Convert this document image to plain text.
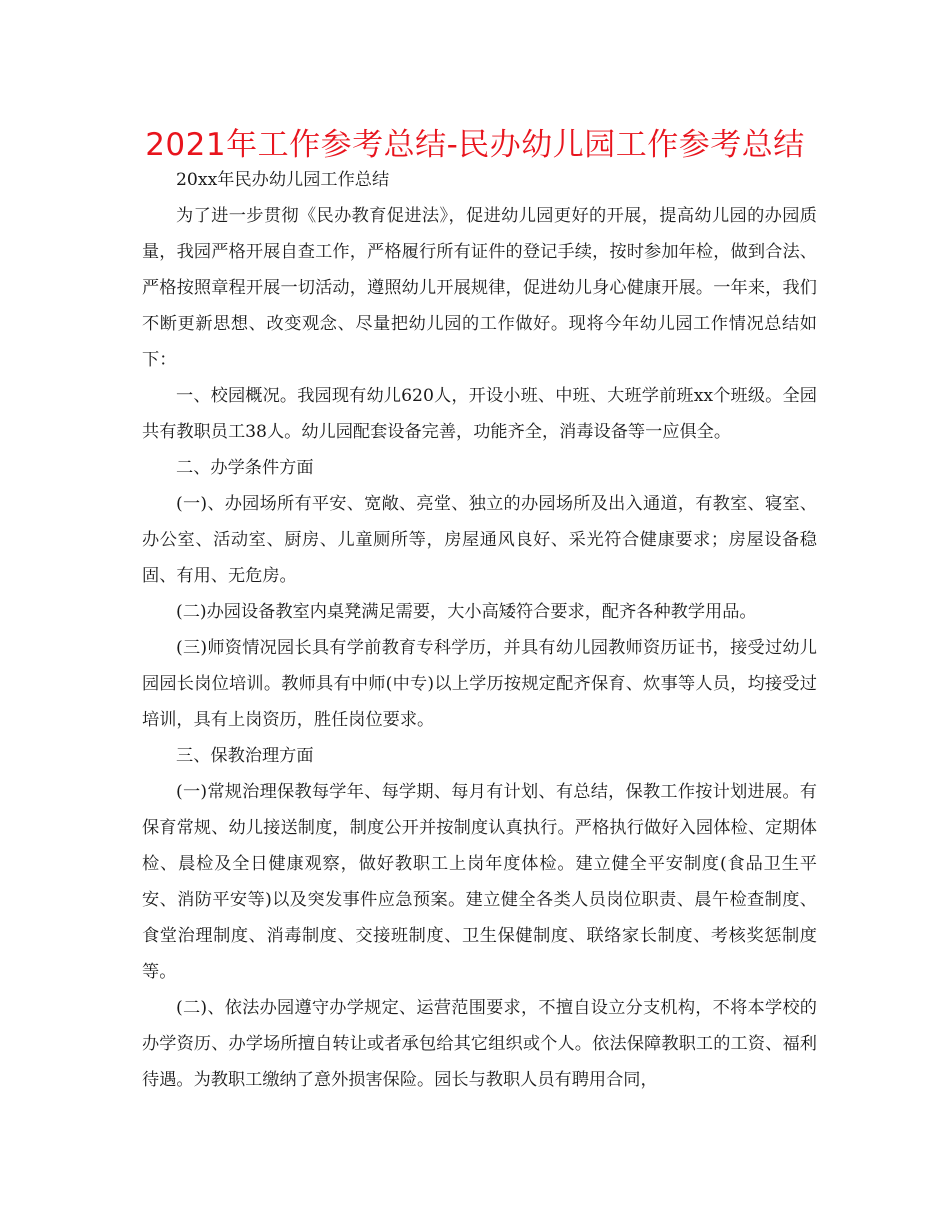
2021年工作参考总结-民办幼儿园工作参考总结

20xx年民办幼儿园工作总结

为了进一步贯彻《民办教育促进法》，促进幼儿园更好的开展，提高幼儿园的办园质量，我园严格开展自查工作，严格履行所有证件的登记手续，按时参加年检，做到合法、严格按照章程开展一切活动，遵照幼儿开展规律，促进幼儿身心健康开展。一年来，我们不断更新思想、改变观念、尽量把幼儿园的工作做好。现将今年幼儿园工作情况总结如下：

一、校园概况。我园现有幼儿620人，开设小班、中班、大班学前班xx个班级。全园共有教职员工38人。幼儿园配套设备完善，功能齐全，消毒设备等一应俱全。

二、办学条件方面

(一)、办园场所有平安、宽敞、亮堂、独立的办园场所及出入通道，有教室、寝室、办公室、活动室、厨房、儿童厕所等，房屋通风良好、采光符合健康要求；房屋设备稳固、有用、无危房。

(二)办园设备教室内桌凳满足需要，大小高矮符合要求，配齐各种教学用品。

(三)师资情况园长具有学前教育专科学历，并具有幼儿园教师资历证书，接受过幼儿园园长岗位培训。教师具有中师(中专)以上学历按规定配齐保育、炊事等人员，均接受过培训，具有上岗资历，胜任岗位要求。

三、保教治理方面

(一)常规治理保教每学年、每学期、每月有计划、有总结，保教工作按计划进展。有保育常规、幼儿接送制度，制度公开并按制度认真执行。严格执行做好入园体检、定期体检、晨检及全日健康观察，做好教职工上岗年度体检。建立健全平安制度(食品卫生平安、消防平安等)以及突发事件应急预案。建立健全各类人员岗位职责、晨午检查制度、食堂治理制度、消毒制度、交接班制度、卫生保健制度、联络家长制度、考核奖惩制度等。

(二)、依法办园遵守办学规定、运营范围要求，不擅自设立分支机构，不将本学校的办学资历、办学场所擅自转让或者承包给其它组织或个人。依法保障教职工的工资、福利待遇。为教职工缴纳了意外损害保险。园长与教职人员有聘用合同，
